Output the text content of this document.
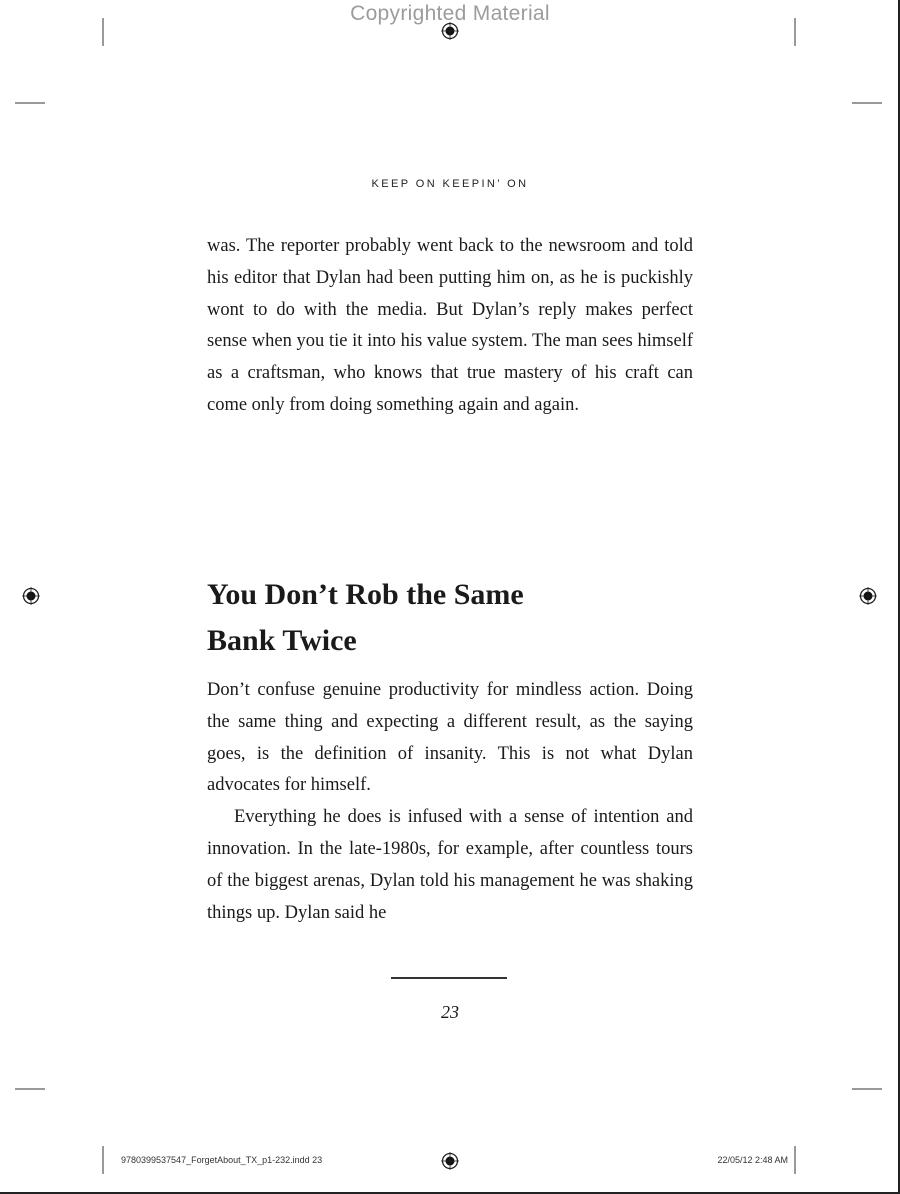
Copyrighted Material
KEEP ON KEEPIN’ ON

was. The reporter probably went back to the newsroom and told his editor that Dylan had been putting him on, as he is puckishly wont to do with the media. But Dylan’s reply makes perfect sense when you tie it into his value system. The man sees himself as a craftsman, who knows that true mastery of his craft can come only from doing something again and again.

You Don’t Rob the Same
Bank Twice

Don’t confuse genuine productivity for mindless action. Doing the same thing and expecting a different result, as the saying goes, is the definition of insanity. This is not what Dylan advocates for himself.

Everything he does is infused with a sense of intention and innovation. In the late-1980s, for example, after countless tours of the biggest arenas, Dylan told his management he was shaking things up. Dylan said he

23
9780399537547_ForgetAbout_TX_p1-232.indd 23	22/05/12 2:48 AM
